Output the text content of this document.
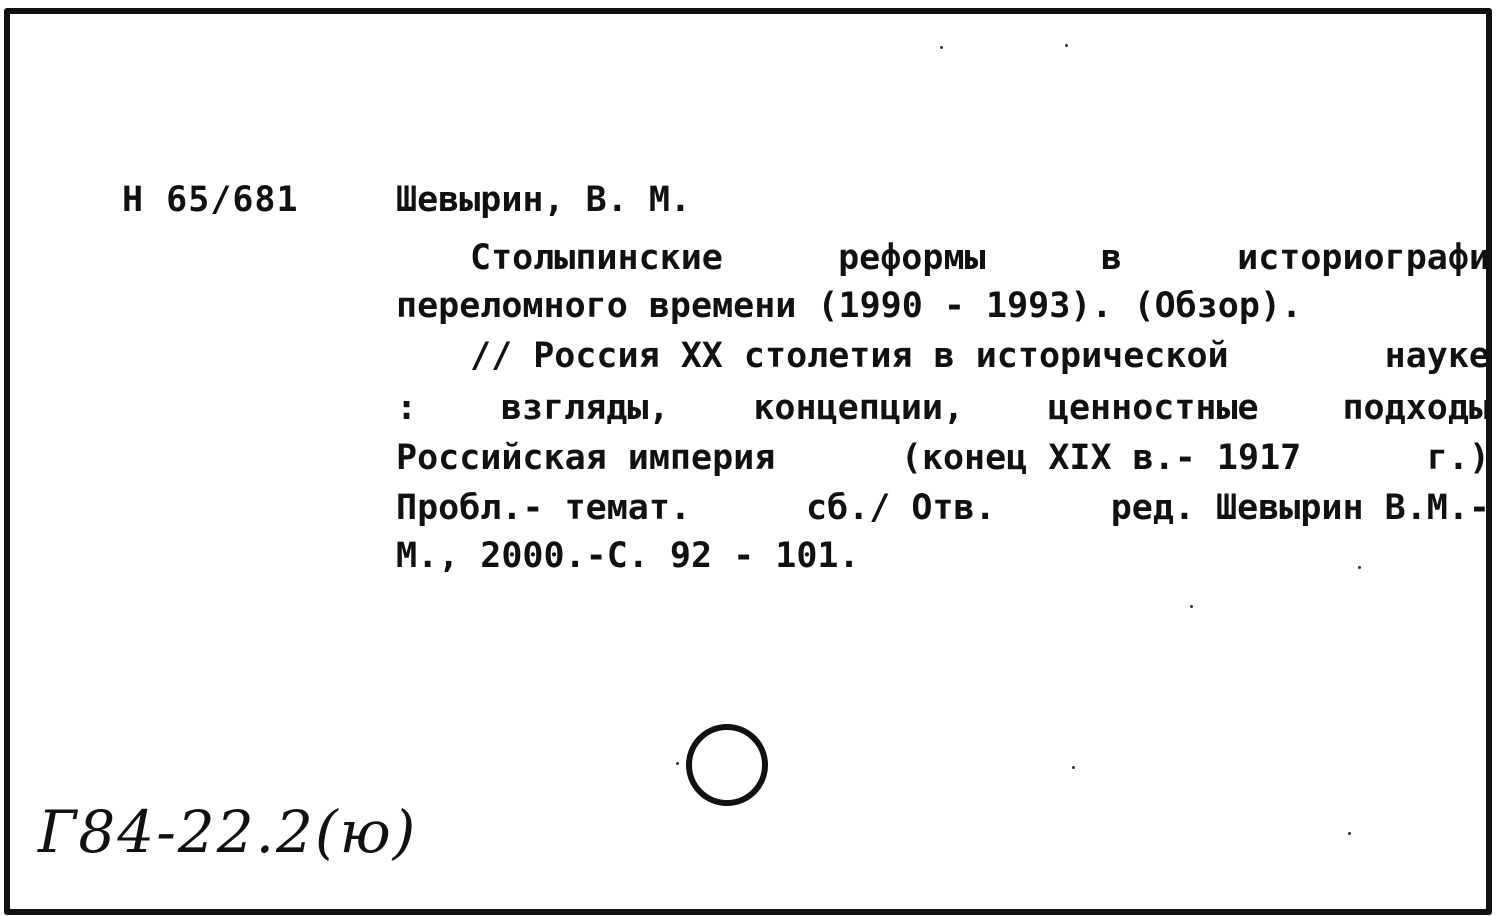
Н 65/681	Шевырин, В. М.
Столыпинские	реформы	в	историографи
переломного времени (1990 - 1993). (Обзор).
// Россия XX столетия в исторической	науке
: взгляды, концепции, ценностные подходы
Российская империя	(конец XIX в.- 1917	г.)
Пробл.- темат.	сб./ Отв.	ред. Шевырин В.М.-
М., 2000.-С. 92 - 101.
Г84-22.2(ю)
